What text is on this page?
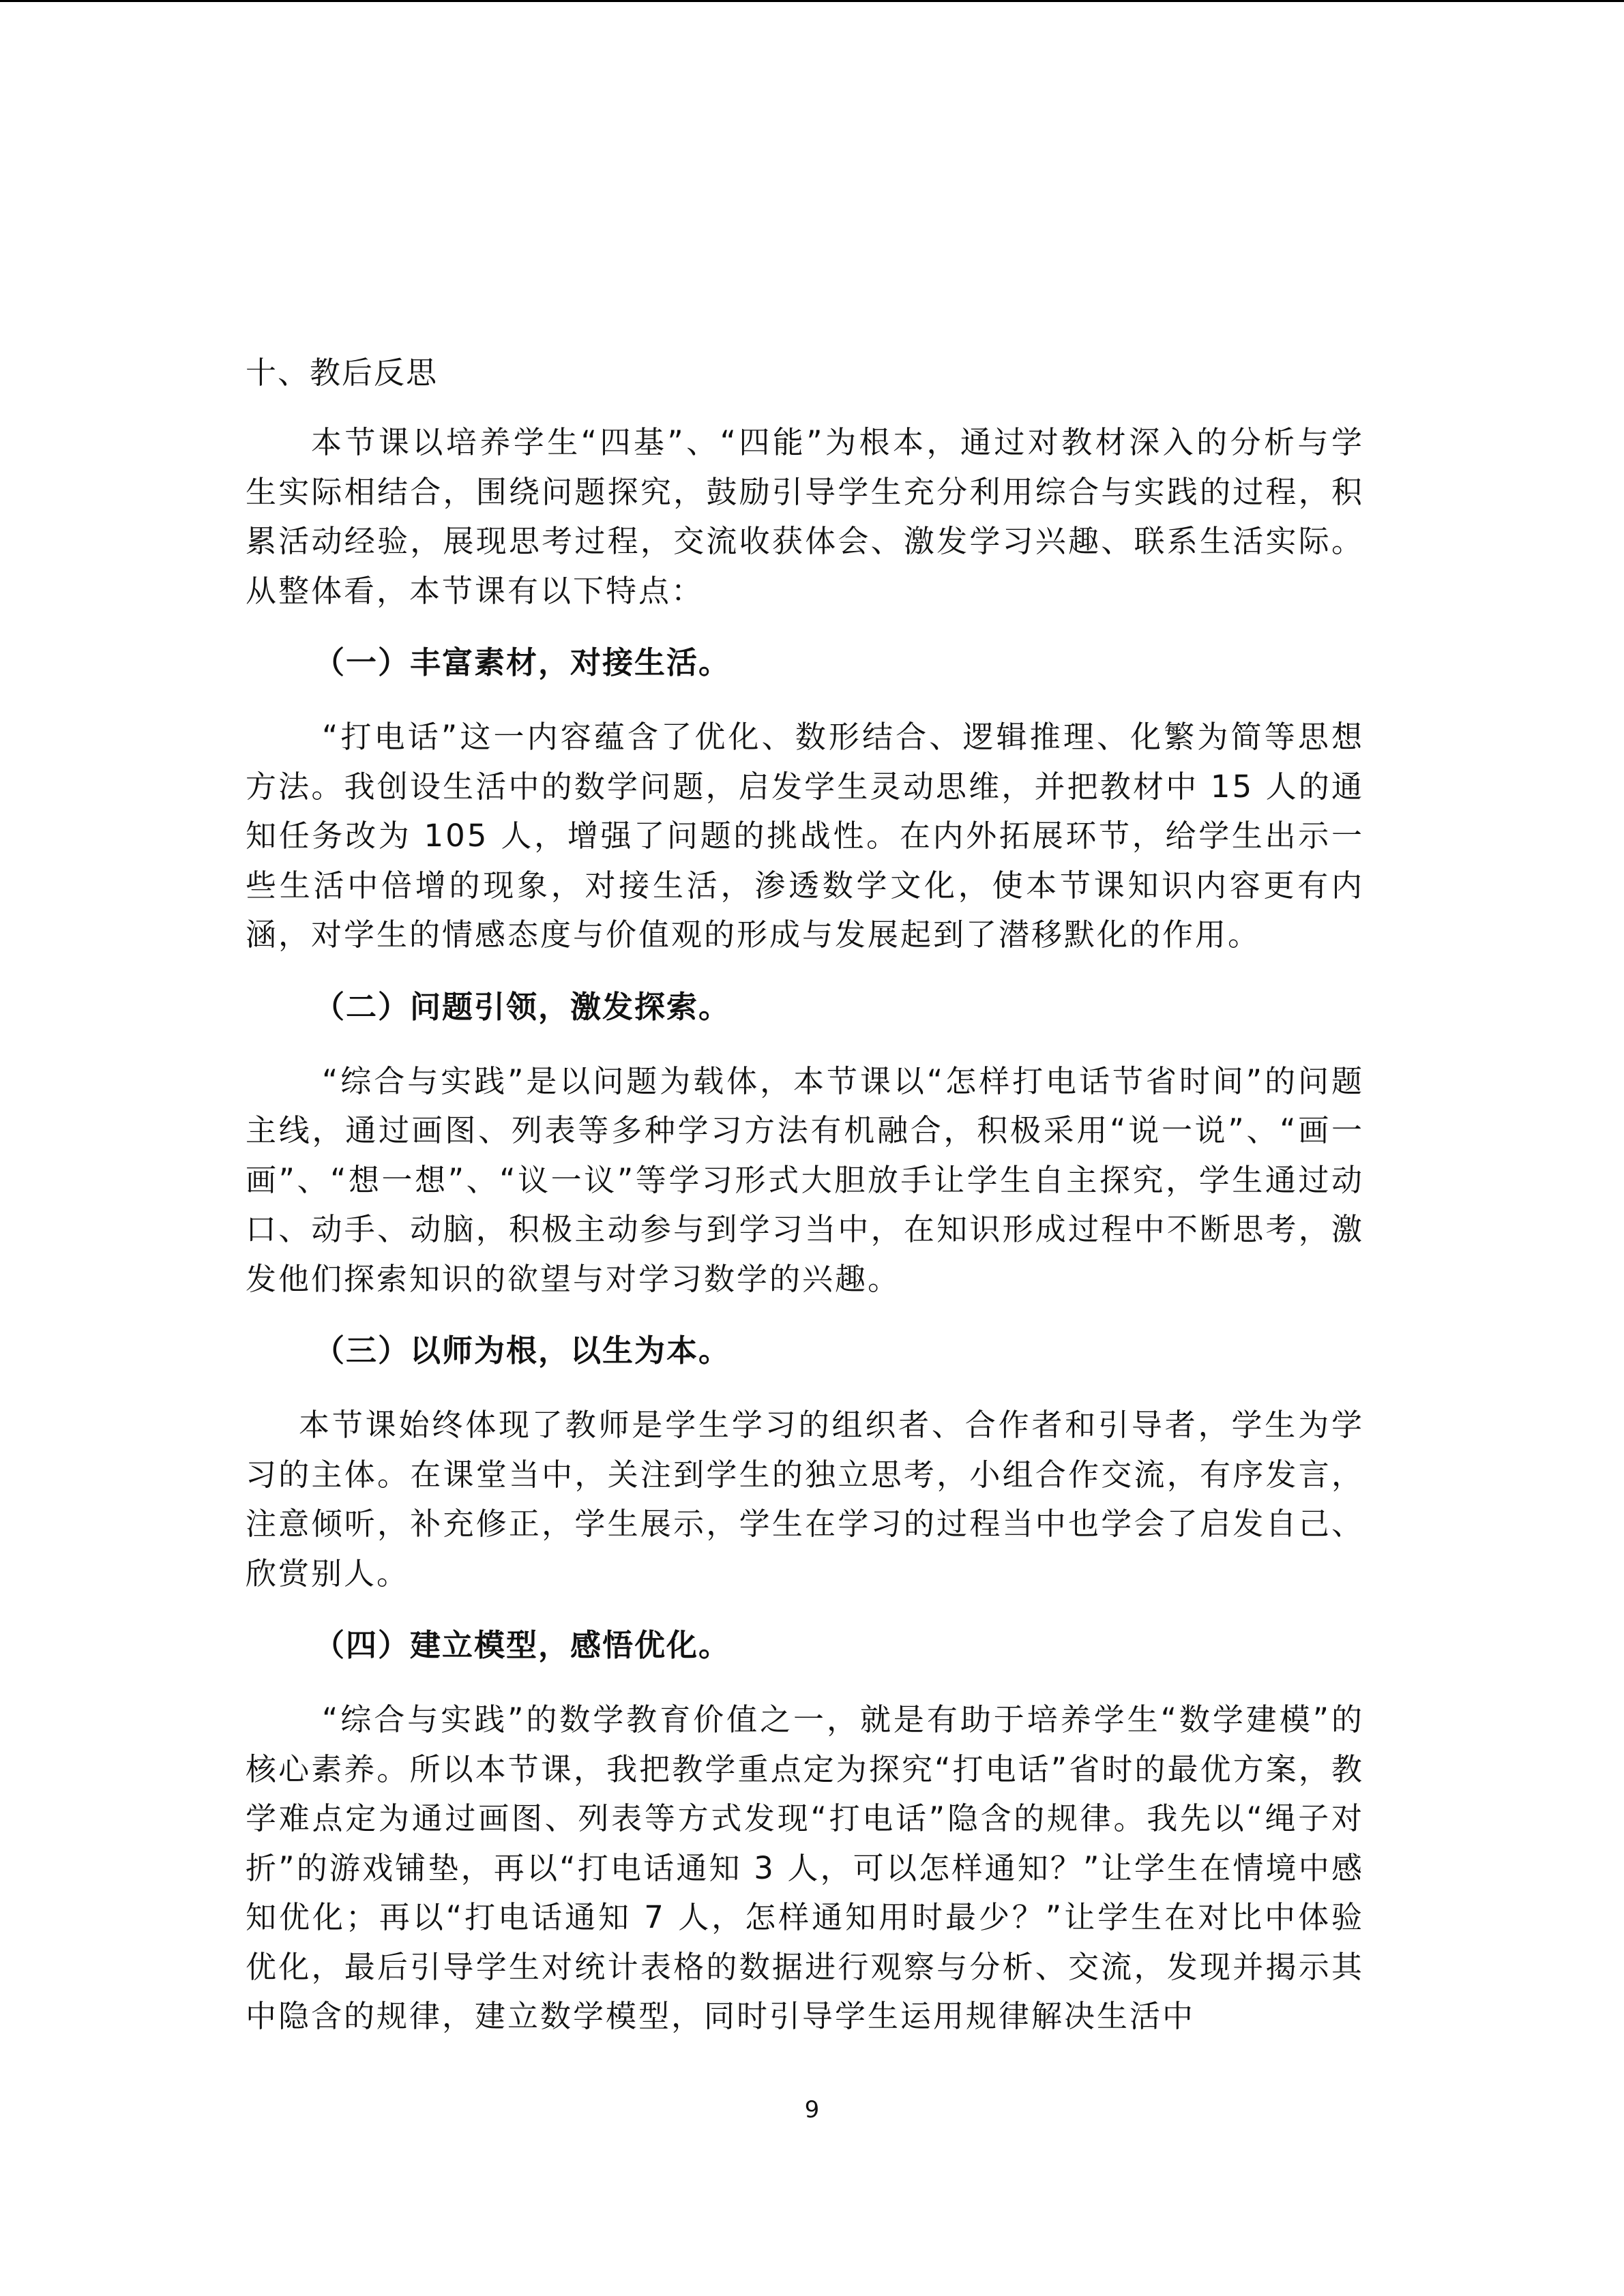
十、教后反思

本节课以培养学生“四基”、“四能”为根本，通过对教材深入的分析与学生实际相结合，围绕问题探究，鼓励引导学生充分利用综合与实践的过程，积累活动经验，展现思考过程，交流收获体会、激发学习兴趣、联系生活实际。从整体看，本节课有以下特点：

（一）丰富素材，对接生活。

“打电话”这一内容蕴含了优化、数形结合、逻辑推理、化繁为简等思想方法。我创设生活中的数学问题，启发学生灵动思维，并把教材中 15 人的通知任务改为 105 人，增强了问题的挑战性。在内外拓展环节，给学生出示一些生活中倍增的现象，对接生活，渗透数学文化，使本节课知识内容更有内涵，对学生的情感态度与价值观的形成与发展起到了潜移默化的作用。

（二）问题引领，激发探索。

“综合与实践”是以问题为载体，本节课以“怎样打电话节省时间”的问题主线，通过画图、列表等多种学习方法有机融合，积极采用“说一说”、“画一画”、“想一想”、“议一议”等学习形式大胆放手让学生自主探究，学生通过动口、动手、动脑，积极主动参与到学习当中，在知识形成过程中不断思考，激发他们探索知识的欲望与对学习数学的兴趣。

（三）以师为根，以生为本。

本节课始终体现了教师是学生学习的组织者、合作者和引导者，学生为学习的主体。在课堂当中，关注到学生的独立思考，小组合作交流，有序发言，注意倾听，补充修正，学生展示，学生在学习的过程当中也学会了启发自己、欣赏别人。

（四）建立模型，感悟优化。

“综合与实践”的数学教育价值之一，就是有助于培养学生“数学建模”的核心素养。所以本节课，我把教学重点定为探究“打电话”省时的最优方案，教学难点定为通过画图、列表等方式发现“打电话”隐含的规律。我先以“绳子对折”的游戏铺垫，再以“打电话通知 3 人，可以怎样通知？”让学生在情境中感知优化；再以“打电话通知 7 人，怎样通知用时最少？”让学生在对比中体验优化，最后引导学生对统计表格的数据进行观察与分析、交流，发现并揭示其中隐含的规律，建立数学模型，同时引导学生运用规律解决生活中

9
